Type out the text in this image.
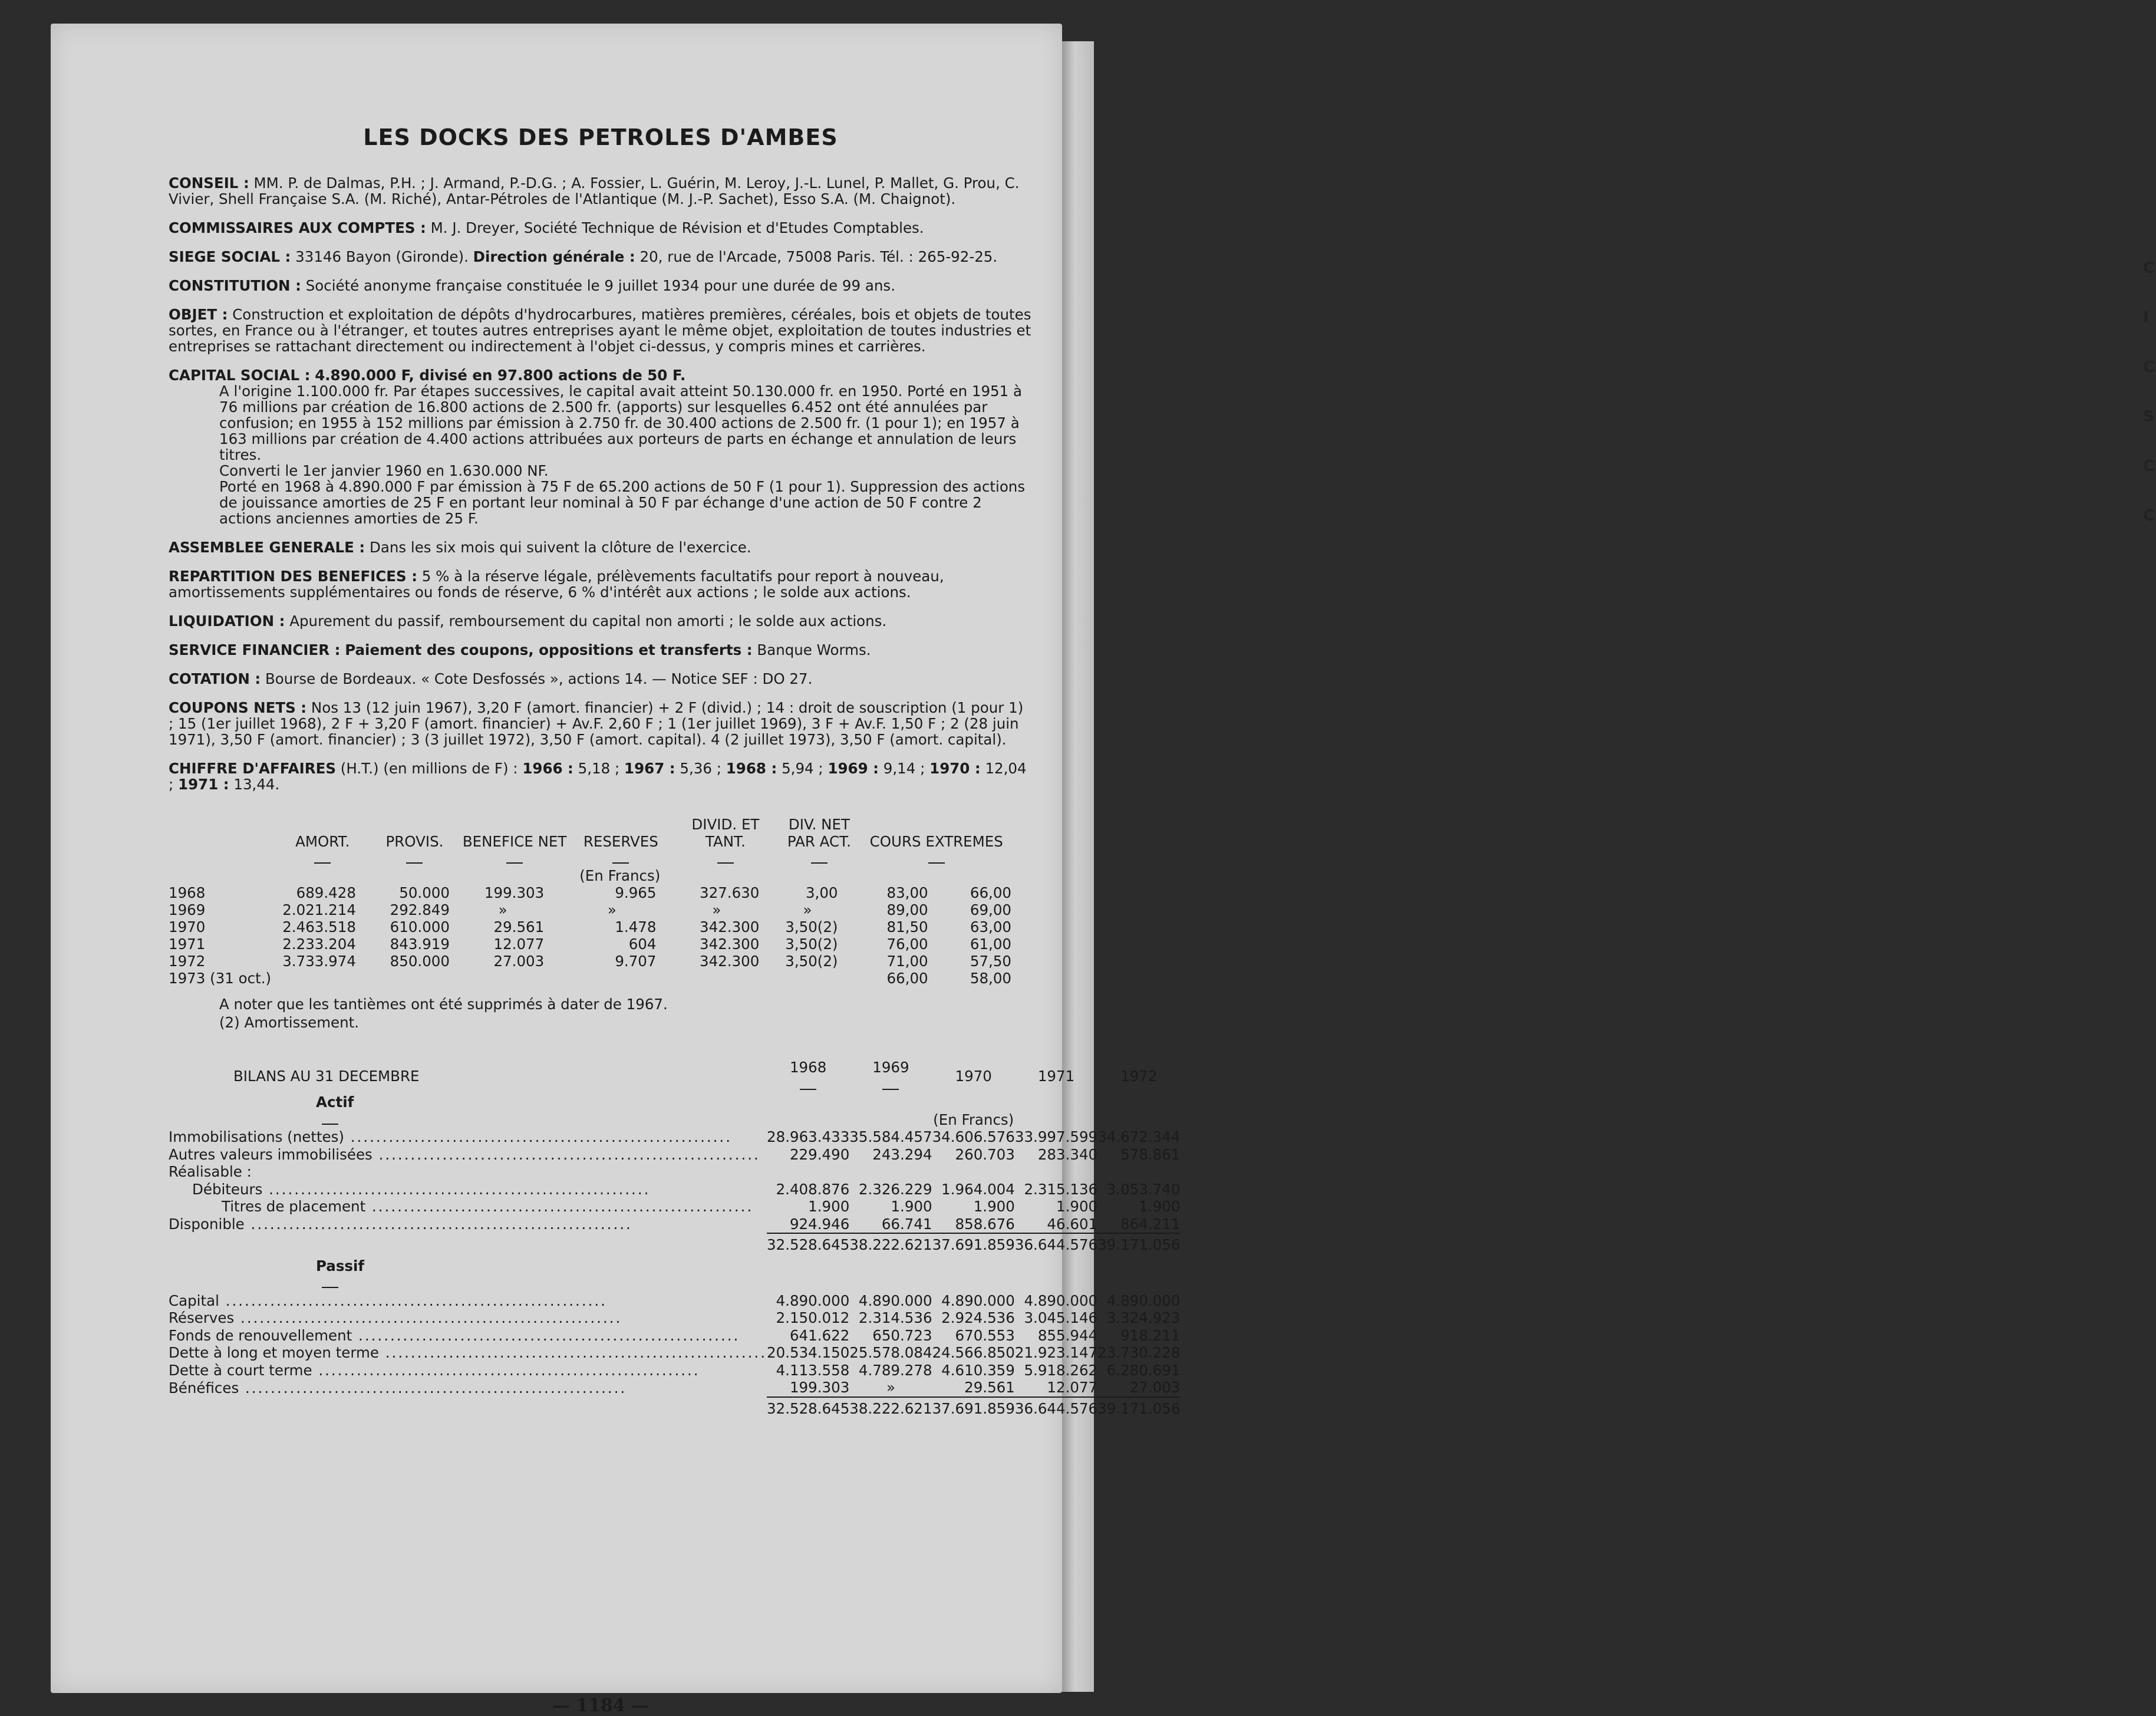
C
I
C
S
C
C
LES DOCKS DES PETROLES D'AMBES
CONSEIL : MM. P. de Dalmas, P.H. ; J. Armand, P.-D.G. ; A. Fossier, L. Guérin, M. Leroy, J.-L. Lunel, P. Mallet, G. Prou, C. Vivier, Shell Française S.A. (M. Riché), Antar-Pétroles de l'Atlantique (M. J.-P. Sachet), Esso S.A. (M. Chaignot).
COMMISSAIRES AUX COMPTES : M. J. Dreyer, Société Technique de Révision et d'Etudes Comptables.
SIEGE SOCIAL : 33146 Bayon (Gironde). Direction générale : 20, rue de l'Arcade, 75008 Paris. Tél. : 265-92-25.
CONSTITUTION : Société anonyme française constituée le 9 juillet 1934 pour une durée de 99 ans.
OBJET : Construction et exploitation de dépôts d'hydrocarbures, matières premières, céréales, bois et objets de toutes sortes, en France ou à l'étranger, et toutes autres entreprises ayant le même objet, exploitation de toutes industries et entreprises se rattachant directement ou indirectement à l'objet ci-dessus, y compris mines et carrières.
CAPITAL SOCIAL : 4.890.000 F, divisé en 97.800 actions de 50 F.
A l'origine 1.100.000 fr. Par étapes successives, le capital avait atteint 50.130.000 fr. en 1950. Porté en 1951 à 76 millions par création de 16.800 actions de 2.500 fr. (apports) sur lesquelles 6.452 ont été annulées par confusion; en 1955 à 152 millions par émission à 2.750 fr. de 30.400 actions de 2.500 fr. (1 pour 1); en 1957 à 163 millions par création de 4.400 actions attribuées aux porteurs de parts en échange et annulation de leurs titres.
Converti le 1er janvier 1960 en 1.630.000 NF.
Porté en 1968 à 4.890.000 F par émission à 75 F de 65.200 actions de 50 F (1 pour 1). Suppression des actions de jouissance amorties de 25 F en portant leur nominal à 50 F par échange d'une action de 50 F contre 2 actions anciennes amorties de 25 F.
ASSEMBLEE GENERALE : Dans les six mois qui suivent la clôture de l'exercice.
REPARTITION DES BENEFICES : 5 % à la réserve légale, prélèvements facultatifs pour report à nouveau, amortissements supplémentaires ou fonds de réserve, 6 % d'intérêt aux actions ; le solde aux actions.
LIQUIDATION : Apurement du passif, remboursement du capital non amorti ; le solde aux actions.
SERVICE FINANCIER : Paiement des coupons, oppositions et transferts : Banque Worms.
COTATION : Bourse de Bordeaux. « Cote Desfossés », actions 14. — Notice SEF : DO 27.
COUPONS NETS : Nos 13 (12 juin 1967), 3,20 F (amort. financier) + 2 F (divid.) ; 14 : droit de souscription (1 pour 1) ; 15 (1er juillet 1968), 2 F + 3,20 F (amort. financier) + Av.F. 2,60 F ; 1 (1er juillet 1969), 3 F + Av.F. 1,50 F ; 2 (28 juin 1971), 3,50 F (amort. financier) ; 3 (3 juillet 1972), 3,50 F (amort. capital). 4 (2 juillet 1973), 3,50 F (amort. capital).
CHIFFRE D'AFFAIRES (H.T.) (en millions de F) : 1966 : 5,18 ; 1967 : 5,36 ; 1968 : 5,94 ; 1969 : 9,14 ; 1970 : 12,04 ; 1971 : 13,44.

	AMORT.	PROVIS.	BENEFICE NET	RESERVES	DIVID. ET TANT.	DIV. NET PAR ACT.	COURS EXTREMES	

				(En Francs)				
1968	689.428	50.000	199.303	9.965	327.630	3,00	83,00	66,00
1969	2.021.214	292.849	»	»	»	»	89,00	69,00
1970	2.463.518	610.000	29.561	1.478	342.300	3,50(2)	81,50	63,00
1971	2.233.204	843.919	12.077	604	342.300	3,50(2)	76,00	61,00
1972	3.733.974	850.000	27.003	9.707	342.300	3,50(2)	71,00	57,50
1973 (31 oct.)							66,00	58,00
A noter que les tantièmes ont été supprimés à dater de 1967.
(2) Amortissement.
BILANS AU 31 DECEMBRE	1968	1969	1970	1971	1972

Actif			(En Francs)		
Immobilisations (nettes) ............................................................	28.963.433	35.584.457	34.606.576	33.997.599	34.672.344
Autres valeurs immobilisées ............................................................	229.490	243.294	260.703	283.340	578.861
Réalisable :					
Débiteurs ............................................................	2.408.876	2.326.229	1.964.004	2.315.136	3.053.740
Titres de placement ............................................................	1.900	1.900	1.900	1.900	1.900
Disponible ............................................................	924.946	66.741	858.676	46.601	864.211
	32.528.645	38.222.621	37.691.859	36.644.576	39.171.056

Passif					

Capital ............................................................	4.890.000	4.890.000	4.890.000	4.890.000	4.890.000
Réserves ............................................................	2.150.012	2.314.536	2.924.536	3.045.146	3.324.923
Fonds de renouvellement ............................................................	641.622	650.723	670.553	855.944	918.211
Dette à long et moyen terme ............................................................	20.534.150	25.578.084	24.566.850	21.923.147	23.730.228
Dette à court terme ............................................................	4.113.558	4.789.278	4.610.359	5.918.262	6.280.691
Bénéfices ............................................................	199.303	»	29.561	12.077	27.003
	32.528.645	38.222.621	37.691.859	36.644.576	39.171.056
— 1184 —
